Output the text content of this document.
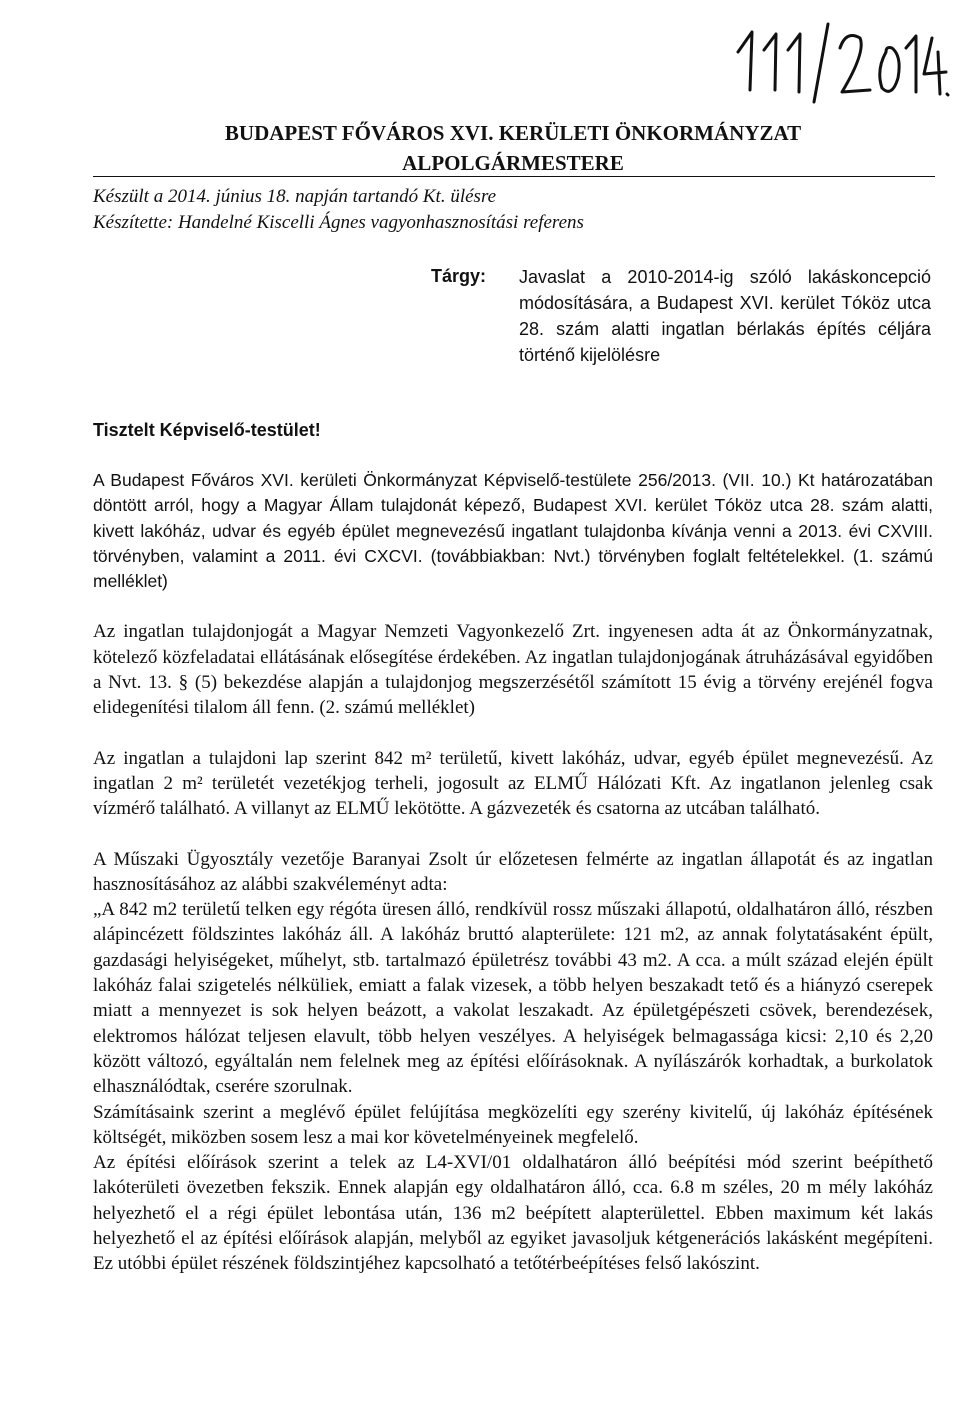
BUDAPEST FŐVÁROS XVI. KERÜLETI ÖNKORMÁNYZAT
ALPOLGÁRMESTERE
Készült a 2014. június 18. napján tartandó Kt. ülésre
Készítette: Handelné Kiscelli Ágnes vagyonhasznosítási referens
Tárgy: Javaslat a 2010-2014-ig szóló lakáskoncepció módosítására, a Budapest XVI. kerület Tóköz utca 28. szám alatti ingatlan bérlakás építés céljára történő kijelölésre
Tisztelt Képviselő-testület!

A Budapest Főváros XVI. kerületi Önkormányzat Képviselő-testülete 256/2013. (VII. 10.) Kt határozatában döntött arról, hogy a Magyar Állam tulajdonát képező, Budapest XVI. kerület Tóköz utca 28. szám alatti, kivett lakóház, udvar és egyéb épület megnevezésű ingatlant tulajdonba kívánja venni a 2013. évi CXVIII. törvényben, valamint a 2011. évi CXCVI. (továbbiakban: Nvt.) törvényben foglalt feltételekkel. (1. számú melléklet)

Az ingatlan tulajdonjogát a Magyar Nemzeti Vagyonkezelő Zrt. ingyenesen adta át az Önkormányzatnak, kötelező közfeladatai ellátásának elősegítése érdekében. Az ingatlan tulajdonjogának átruházásával egyidőben a Nvt. 13. § (5) bekezdése alapján a tulajdonjog megszerzésétől számított 15 évig a törvény erejénél fogva elidegenítési tilalom áll fenn. (2. számú melléklet)

Az ingatlan a tulajdoni lap szerint 842 m² területű, kivett lakóház, udvar, egyéb épület megnevezésű. Az ingatlan 2 m² területét vezetékjog terheli, jogosult az ELMŰ Hálózati Kft. Az ingatlanon jelenleg csak vízmérő található. A villanyt az ELMŰ lekötötte. A gázvezeték és csatorna az utcában található.

A Műszaki Ügyosztály vezetője Baranyai Zsolt úr előzetesen felmérte az ingatlan állapotát és az ingatlan hasznosításához az alábbi szakvéleményt adta:

„A 842 m2 területű telken egy régóta üresen álló, rendkívül rossz műszaki állapotú, oldalhatáron álló, részben alápincézett földszintes lakóház áll. A lakóház bruttó alapterülete: 121 m2, az annak folytatásaként épült, gazdasági helyiségeket, műhelyt, stb. tartalmazó épületrész további 43 m2. A cca. a múlt század elején épült lakóház falai szigetelés nélküliek, emiatt a falak vizesek, a több helyen beszakadt tető és a hiányzó cserepek miatt a mennyezet is sok helyen beázott, a vakolat leszakadt. Az épületgépészeti csövek, berendezések, elektromos hálózat teljesen elavult, több helyen veszélyes. A helyiségek belmagassága kicsi: 2,10 és 2,20 között változó, egyáltalán nem felelnek meg az építési előírásoknak. A nyílászárók korhadtak, a burkolatok elhasználódtak, cserére szorulnak.

Számításaink szerint a meglévő épület felújítása megközelíti egy szerény kivitelű, új lakóház építésének költségét, miközben sosem lesz a mai kor követelményeinek megfelelő.

Az építési előírások szerint a telek az L4-XVI/01 oldalhatáron álló beépítési mód szerint beépíthető lakóterületi övezetben fekszik. Ennek alapján egy oldalhatáron álló, cca. 6.8 m széles, 20 m mély lakóház helyezhető el a régi épület lebontása után, 136 m2 beépített alapterülettel. Ebben maximum két lakás helyezhető el az építési előírások alapján, melyből az egyiket javasoljuk kétgenerációs lakásként megépíteni. Ez utóbbi épület részének földszintjéhez kapcsolható a tetőtérbeépítéses felső lakószint.
